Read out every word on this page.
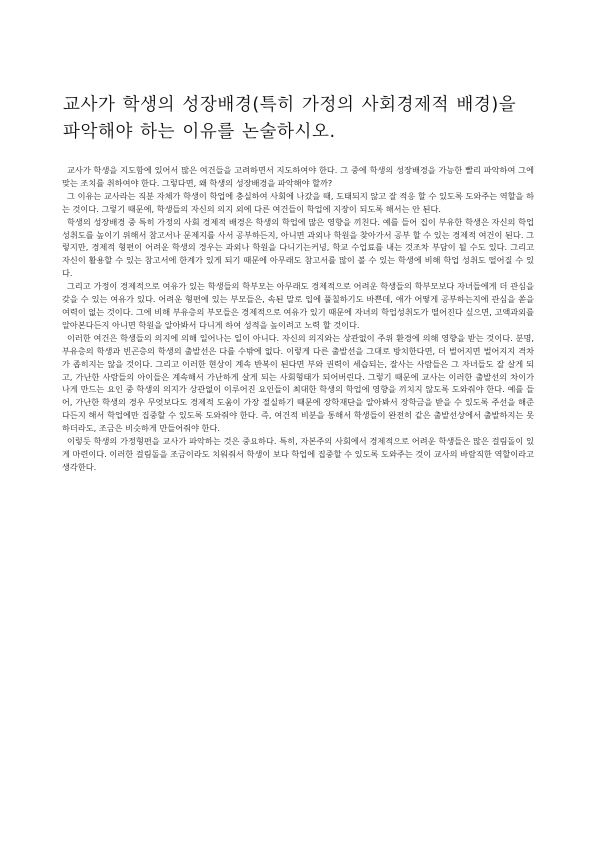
교사가 학생의 성장배경(특히 가정의 사회경제적 배경)을 파악해야 하는 이유를 논술하시오.

교사가 학생을 지도함에 있어서 많은 여건들을 고려하면서 지도하여야 한다. 그 중에 학생의 성장배경을 가능한 빨리 파악하여 그에 맞는 조치를 취하여야 한다. 그렇다면, 왜 학생의 성장배경을 파악해야 할까?

그 이유는 교사라는 직분 자체가 학생이 학업에 충실하여 사회에 나갔을 때, 도태되지 않고 잘 적응 할 수 있도록 도와주는 역할을 하는 것이다. 그렇기 때문에, 학생들의 자신의 의지 외에 다른 여건들이 학업에 지장이 되도록 해서는 안 된다.

학생의 성장배경 중 특히 가정의 사회 경제적 배경은 학생의 학업에 많은 영향을 끼친다. 예를 들어 집이 부유한 학생은 자신의 학업성취도를 높이기 위해서 참고서나 문제지를 사서 공부하든지, 아니면 과외나 학원을 찾아가서 공부 할 수 있는 경제적 여건이 된다. 그렇지만, 경제적 형편이 어려운 학생의 경우는 과외나 학원을 다니기는커녕, 학교 수업료를 내는 것조차 부담이 될 수도 있다. 그리고 자신이 활용할 수 있는 참고서에 한계가 있게 되기 때문에 아무래도 참고서를 많이 볼 수 있는 학생에 비해 학업 성취도 떨어질 수 있다.

그리고 가정이 경제적으로 여유가 있는 학생들의 학부모는 아무래도 경제적으로 어려운 학생들의 학부모보다 자녀들에게 더 관심을 갖을 수 있는 여유가 있다. 어려운 형편에 있는 부모들은, 속된 말로 입에 풀칠하기도 바쁜데, 애가 어떻게 공부하는지에 관심을 쏟을 여력이 없는 것이다. 그에 비해 부유층의 부모들은 경제적으로 여유가 있기 때문에 자녀의 학업성취도가 떨어진다 싶으면, 고액과외를 알아본다든지 아니면 학원을 알아봐서 다니게 하여 성적을 높이려고 노력 할 것이다.

이러한 여건은 학생들의 의지에 의해 일어나는 일이 아니다. 자신의 의지와는 상관없이 주위 환경에 의해 영향을 받는 것이다. 분명, 부유층의 학생과 빈곤층의 학생의 출발선은 다를 수밖에 없다. 이렇게 다른 출발선을 그대로 방치한다면, 더 벌어지면 벌어지지 격차가 좁히지는 않을 것이다. 그리고 이러한 현상이 계속 반복이 된다면 부와 권력이 세습되는, 잘사는 사람들은 그 자녀들도 잘 살게 되고, 가난한 사람들의 아이들은 계속해서 가난하게 살게 되는 사회형태가 되어버린다. 그렇기 때문에 교사는 이러한 출발선의 차이가 나게 만드는 요인 중 학생의 의지가 상관없이 이루어진 요인들이 최대한 학생의 학업에 영향을 끼치지 않도록 도와줘야 한다. 예를 들어, 가난한 학생의 경우 무엇보다도 경제적 도움이 가장 절실하기 때문에 장학재단을 알아봐서 장학금을 받을 수 있도록 주선을 해준다든지 해서 학업에만 집중할 수 있도록 도와줘야 한다. 즉, 여건적 비분을 통해서 학생들이 완전히 같은 출발선상에서 출발하지는 못하더라도, 조금은 비슷하게 만들어줘야 한다.

이렇듯 학생의 가정형편을 교사가 파악하는 것은 중요하다. 특히, 자본주의 사회에서 경제적으로 어려운 학생들은 많은 걸림돌이 있게 마련이다. 이러한 걸림돌을 조금이라도 치워줘서 학생이 보다 학업에 집중할 수 있도록 도와주는 것이 교사의 바람직한 역할이라고 생각한다.
